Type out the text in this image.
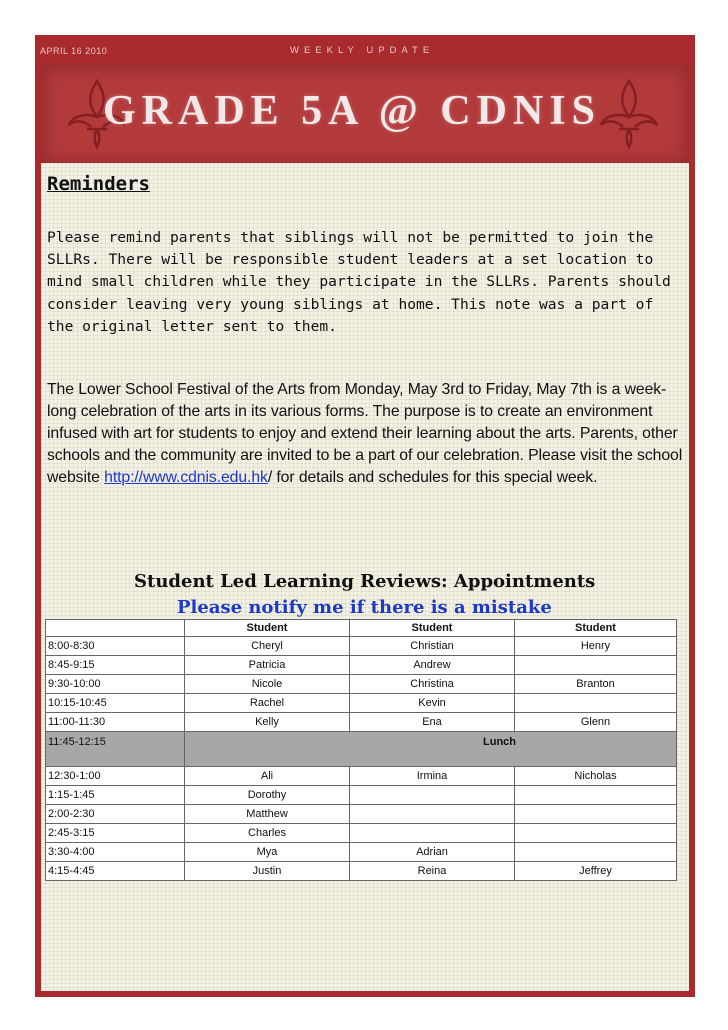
APRIL 16 2010	WEEKLY UPDATE
GRADE 5A @ CDNIS
Reminders

Please remind parents that siblings will not be permitted to join the SLLRs. There will be responsible student leaders at a set location to mind small children while they participate in the SLLRs. Parents should consider leaving very young siblings at home. This note was a part of the original letter sent to them.

The Lower School Festival of the Arts from Monday, May 3rd to Friday, May 7th is a week-long celebration of the arts in its various forms. The purpose is to create an environment infused with art for students to enjoy and extend their learning about the arts. Parents, other schools and the community are invited to be a part of our celebration. Please visit the school website http://www.cdnis.edu.hk/ for details and schedules for this special week.

Student Led Learning Reviews: Appointments
Please notify me if there is a mistake
	Student	Student	Student
8:00-8:30	Cheryl	Christian	Henry
8:45-9:15	Patricia	Andrew	
9:30-10:00	Nicole	Christina	Branton
10:15-10:45	Rachel	Kevin	
11:00-11:30	Kelly	Ena	Glenn
11:45-12:15	Lunch		
12:30-1:00	Ali	Irmina	Nicholas
1:15-1:45	Dorothy		
2:00-2:30	Matthew		
2:45-3:15	Charles		
3:30-4:00	Mya	Adrian	
4:15-4:45	Justin	Reina	Jeffrey
